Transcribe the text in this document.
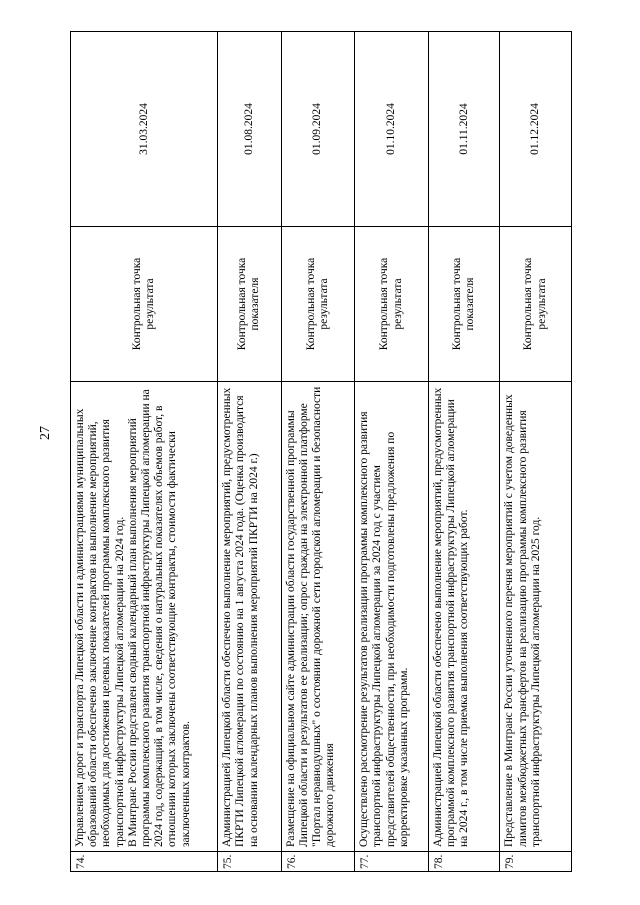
27
74.	Управлением дорог и транспорта Липецкой области и администрациями муниципальных образований области обеспечено заключение контрактов на выполнение мероприятий, необходимых для достижения целевых показателей программы комплексного развития транспортной инфраструктуры Липецкой агломерации на 2024 год. В Минтранс России представлен сводный календарный план выполнения мероприятий программы комплексного развития транспортной инфраструктуры Липецкой агломерации на 2024 год, содержащий, в том числе, сведения о натуральных показателях объемов работ, в отношении которых заключены соответствующие контракты, стоимости фактически заключенных контрактов.	Контрольная точка результата	31.03.2024
75.	Администрацией Липецкой области обеспечено выполнение мероприятий, предусмотренных ПКРТИ Липецкой агломерации по состоянию на 1 августа 2024 года. (Оценка производится на основании календарных планов выполнения мероприятий ПКРТИ на 2024 г.)	Контрольная точка показателя	01.08.2024
76.	Размещение на официальном сайте администрации области государственной программы Липецкой области и результатов ее реализации; опрос граждан на электронной платформе "Портал неравнодушных" о состоянии дорожной сети городской агломерации и безопасности дорожного движения	Контрольная точка результата	01.09.2024
77.	Осуществлено рассмотрение результатов реализации программы комплексного развития транспортной инфраструктуры Липецкой агломерации за 2024 год с участием представителей общественности, при необходимости подготовлены предложения по корректировке указанных программ.	Контрольная точка результата	01.10.2024
78.	Администрацией Липецкой области обеспечено выполнение мероприятий, предусмотренных программой комплексного развития транспортной инфраструктуры Липецкой агломерации на 2024 г., в том числе приемка выполнения соответствующих работ.	Контрольная точка показателя	01.11.2024
79.	Представление в Минтранс России уточненного перечня мероприятий с учетом доведенных лимитов межбюджетных трансфертов на реализацию программы комплексного развития транспортной инфраструктуры Липецкой агломерации на 2025 год.	Контрольная точка результата	01.12.2024
